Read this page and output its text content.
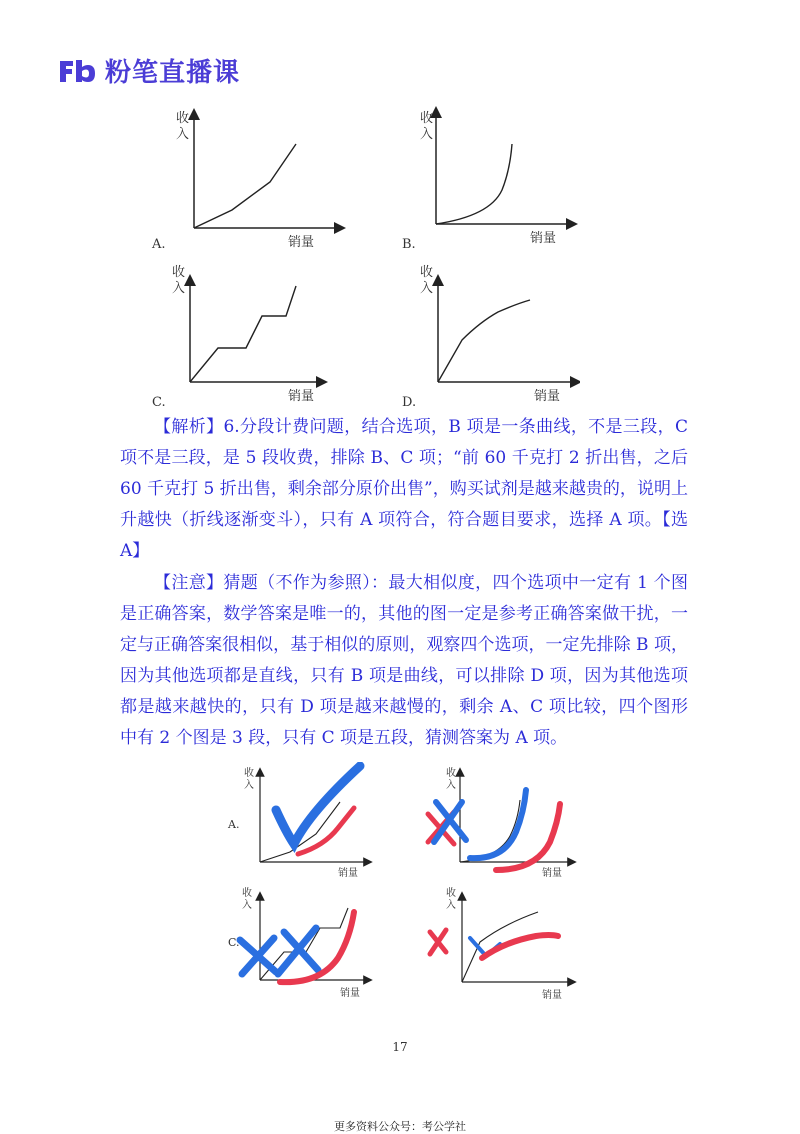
粉笔直播课
收
入
销量
A.
收
入
销量
B.
收
入
销量
C.
收
入
销量
D.

【解析】6.分段计费问题，结合选项，B 项是一条曲线，不是三段，C 项不是三段，是 5 段收费，排除 B、C 项；“前 60 千克打 2 折出售，之后 60 千克打 5 折出售，剩余部分原价出售”，购买试剂是越来越贵的，说明上升越快（折线逐渐变斗），只有 A 项符合，符合题目要求，选择 A 项。【选 A】

【注意】猜题（不作为参照）：最大相似度，四个选项中一定有 1 个图是正确答案，数学答案是唯一的，其他的图一定是参考正确答案做干扰，一定与正确答案很相似，基于相似的原则，观察四个选项，一定先排除 B 项，因为其他选项都是直线，只有 B 项是曲线，可以排除 D 项，因为其他选项都是越来越快的，只有 D 项是越来越慢的，剩余 A、C 项比较，四个图形中有 2 个图是 3 段，只有 C 项是五段，猜测答案为 A 项。

收
入
销量
A.
收
入
销量
收
入
销量
C.
收
入
销量
17
更多资料公众号：考公学社
